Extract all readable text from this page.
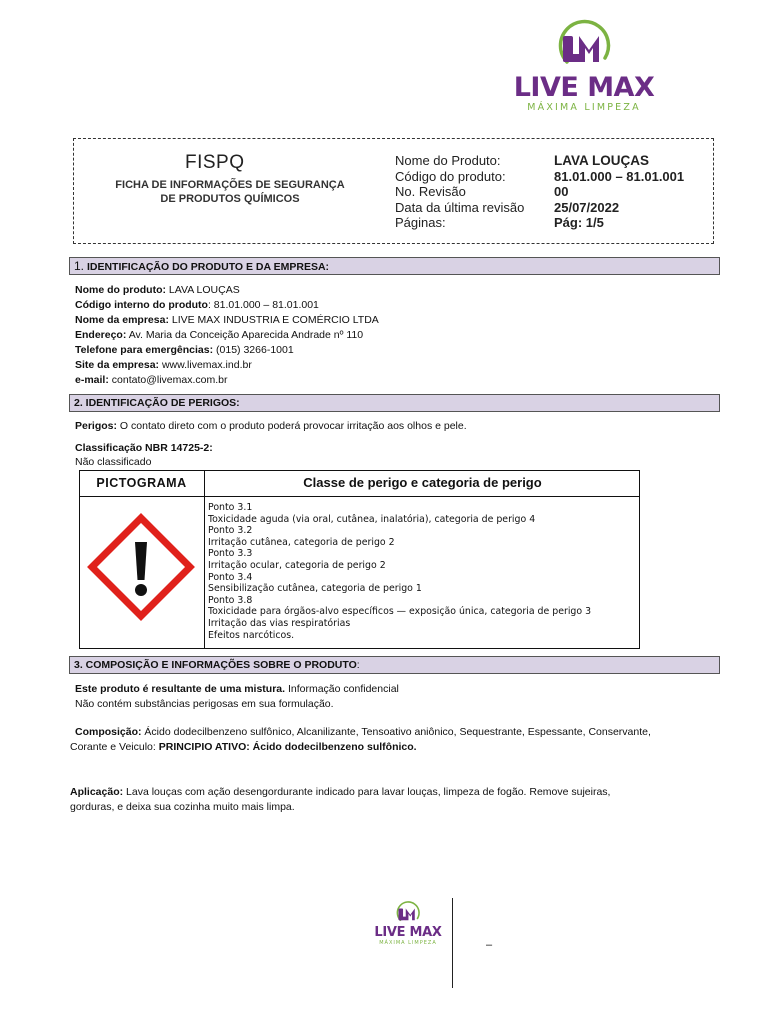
LIVE MAX
MÁXIMA LIMPEZA
FISPQ
FICHA DE INFORMAÇÕES DE SEGURANÇA
DE PRODUTOS QUÍMICOS
Nome do Produto:
Código do produto:
No. Revisão
Data da última revisão
Páginas:
LAVA LOUÇAS
81.01.000 – 81.01.001
00
25/07/2022
Pág: 1/5
1. IDENTIFICAÇÃO DO PRODUTO E DA EMPRESA:
Nome do produto: LAVA LOUÇAS
Código interno do produto: 81.01.000 – 81.01.001
Nome da empresa: LIVE MAX INDUSTRIA E COMÉRCIO LTDA
Endereço: Av. Maria da Conceição Aparecida Andrade nº 110
Telefone para emergências: (015) 3266-1001
Site da empresa: www.livemax.ind.br
e-mail: contato@livemax.com.br
2. IDENTIFICAÇÃO DE PERIGOS:
Perigos: O contato direto com o produto poderá provocar irritação aos olhos e pele.
Classificação NBR 14725-2:
Não classificado
PICTOGRAMA	Classe de perigo e categoria de perigo
Ponto 3.1
Toxicidade aguda (via oral, cutânea, inalatória), categoria de perigo 4
Ponto 3.2
Irritação cutânea, categoria de perigo 2
Ponto 3.3
Irritação ocular, categoria de perigo 2
Ponto 3.4
Sensibilização cutânea, categoria de perigo 1
Ponto 3.8
Toxicidade para órgãos-alvo específicos — exposição única, categoria de perigo 3
Irritação das vias respiratórias
Efeitos narcóticos.
3. COMPOSIÇÃO E INFORMAÇÕES SOBRE O PRODUTO:
Este produto é resultante de uma mistura. Informação confidencial
Não contém substâncias perigosas em sua formulação.
Composição: Ácido dodecilbenzeno sulfônico, Alcanilizante, Tensoativo aniônico, Sequestrante, Espessante, Conservante,
Corante e Veiculo: PRINCIPIO ATIVO: Ácido dodecilbenzeno sulfônico.
Aplicação: Lava louças com ação desengordurante indicado para lavar louças, limpeza de fogão. Remove sujeiras,
gorduras, e deixa sua cozinha muito mais limpa.
LIVE MAX
MÁXIMA LIMPEZA	–
